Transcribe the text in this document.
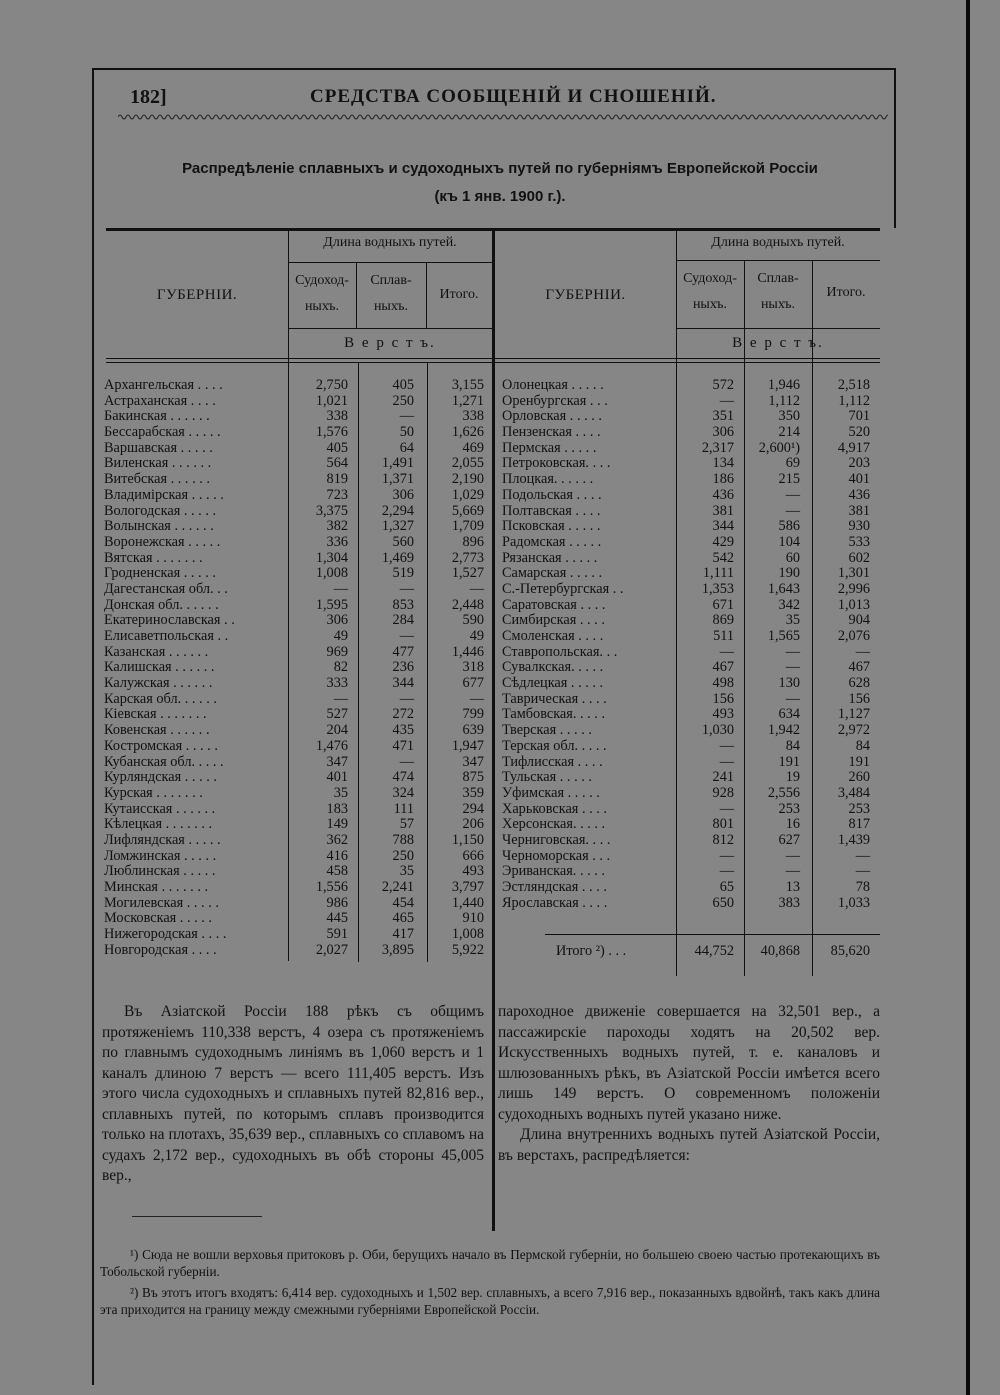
182]	СРЕДСТВА СООБЩЕНІЙ И СНОШЕНІЙ.
Распредѣленіе сплавныхъ и судоходныхъ путей по губерніямъ Европейской Россіи
(къ 1 янв. 1900 г.).
ГУБЕРНІИ.
Длина водныхъ путей.
Судоход-
ныхъ.
Сплав-
ныхъ.
Итого.
В е р с т ъ.
ГУБЕРНІИ.
Длина водныхъ путей.
Судоход-
ныхъ.
Сплав-
ныхъ.
Итого.
В е р с т ъ.
Архангельская . . . .	2,750	405	3,155
Астраханская . . . .	1,021	250	1,271
Бакинская . . . . . .	338	—	338
Бессарабская . . . . .	1,576	50	1,626
Варшавская . . . . .	405	64	469
Виленская . . . . . .	564	1,491	2,055
Витебская . . . . . .	819	1,371	2,190
Владимірская . . . . .	723	306	1,029
Вологодская . . . . .	3,375	2,294	5,669
Волынская . . . . . .	382	1,327	1,709
Воронежская . . . . .	336	560	896
Вятская . . . . . . .	1,304	1,469	2,773
Гродненская . . . . .	1,008	519	1,527
Дагестанская обл. . .	—	—	—
Донская обл. . . . . .	1,595	853	2,448
Екатеринославская . .	306	284	590
Елисаветпольская . .	49	—	49
Казанская . . . . . .	969	477	1,446
Калишская . . . . . .	82	236	318
Калужская . . . . . .	333	344	677
Карская обл. . . . . .	—	—	—
Кіевская . . . . . . .	527	272	799
Ковенская . . . . . .	204	435	639
Костромская . . . . .	1,476	471	1,947
Кубанская обл. . . . .	347	—	347
Курляндская . . . . .	401	474	875
Курская . . . . . . .	35	324	359
Кутаисская . . . . . .	183	111	294
Кѣлецкая . . . . . . .	149	57	206
Лифляндская . . . . .	362	788	1,150
Ломжинская . . . . .	416	250	666
Люблинская . . . . .	458	35	493
Минская . . . . . . .	1,556	2,241	3,797
Могилевская . . . . .	986	454	1,440
Московская . . . . .	445	465	910
Нижегородская . . . .	591	417	1,008
Новгородская . . . .	2,027	3,895	5,922
Олонецкая . . . . .	572	1,946	2,518
Оренбургская . . .	—	1,112	1,112
Орловская . . . . .	351	350	701
Пензенская . . . .	306	214	520
Пермская . . . . .	2,317	2,600¹)	4,917
Петроковская. . . .	134	69	203
Плоцкая. . . . . .	186	215	401
Подольская . . . .	436	—	436
Полтавская . . . .	381	—	381
Псковская . . . . .	344	586	930
Радомская . . . . .	429	104	533
Рязанская . . . . .	542	60	602
Самарская . . . . .	1,111	190	1,301
С.-Петербургская . .	1,353	1,643	2,996
Саратовская . . . .	671	342	1,013
Симбирская . . . .	869	35	904
Смоленская . . . .	511	1,565	2,076
Ставропольская. . .	—	—	—
Сувалкская. . . . .	467	—	467
Сѣдлецкая . . . . .	498	130	628
Таврическая . . . .	156	—	156
Тамбовская. . . . .	493	634	1,127
Тверская . . . . .	1,030	1,942	2,972
Терская обл. . . . .	—	84	84
Тифлисская . . . .	—	191	191
Тульская . . . . .	241	19	260
Уфимская . . . . .	928	2,556	3,484
Харьковская . . . .	—	253	253
Херсонская. . . . .	801	16	817
Черниговская. . . .	812	627	1,439
Черноморская . . .	—	—	—
Эриванская. . . . .	—	—	—
Эстляндская . . . .	65	13	78
Ярославская . . . .	650	383	1,033
Итого ²) . . .	44,752	40,868	85,620

Въ Азіатской Россіи 188 рѣкъ съ общимъ протяженіемъ 110,338 верстъ, 4 озера съ протяженіемъ по главнымъ судоходнымъ линіямъ въ 1,060 верстъ и 1 каналъ длиною 7 верстъ — всего 111,405 верстъ. Изъ этого числа судоходныхъ и сплавныхъ путей 82,816 вер., сплавныхъ путей, по которымъ сплавъ производится только на плотахъ, 35,639 вер., сплавныхъ со сплавомъ на судахъ 2,172 вер., судоходныхъ въ обѣ стороны 45,005 вер.,

пароходное движеніе совершается на 32,501 вер., а пассажирскіе пароходы ходятъ на 20,502 вер. Искусственныхъ водныхъ путей, т. е. каналовъ и шлюзованныхъ рѣкъ, въ Азіатской Россіи имѣется всего лишь 149 верстъ. О современномъ положеніи судоходныхъ водныхъ путей указано ниже.

Длина внутреннихъ водныхъ путей Азіатской Россіи, въ верстахъ, распредѣляется:

¹) Сюда не вошли верховья притоковъ р. Оби, берущихъ начало въ Пермской губерніи, но большею своею частью протекающихъ въ Тобольской губерніи.
²) Въ этотъ итогъ входятъ: 6,414 вер. судоходныхъ и 1,502 вер. сплавныхъ, а всего 7,916 вер., показанныхъ вдвойнѣ, такъ какъ длина эта приходится на границу между смежными губерніями Европейской Россіи.
